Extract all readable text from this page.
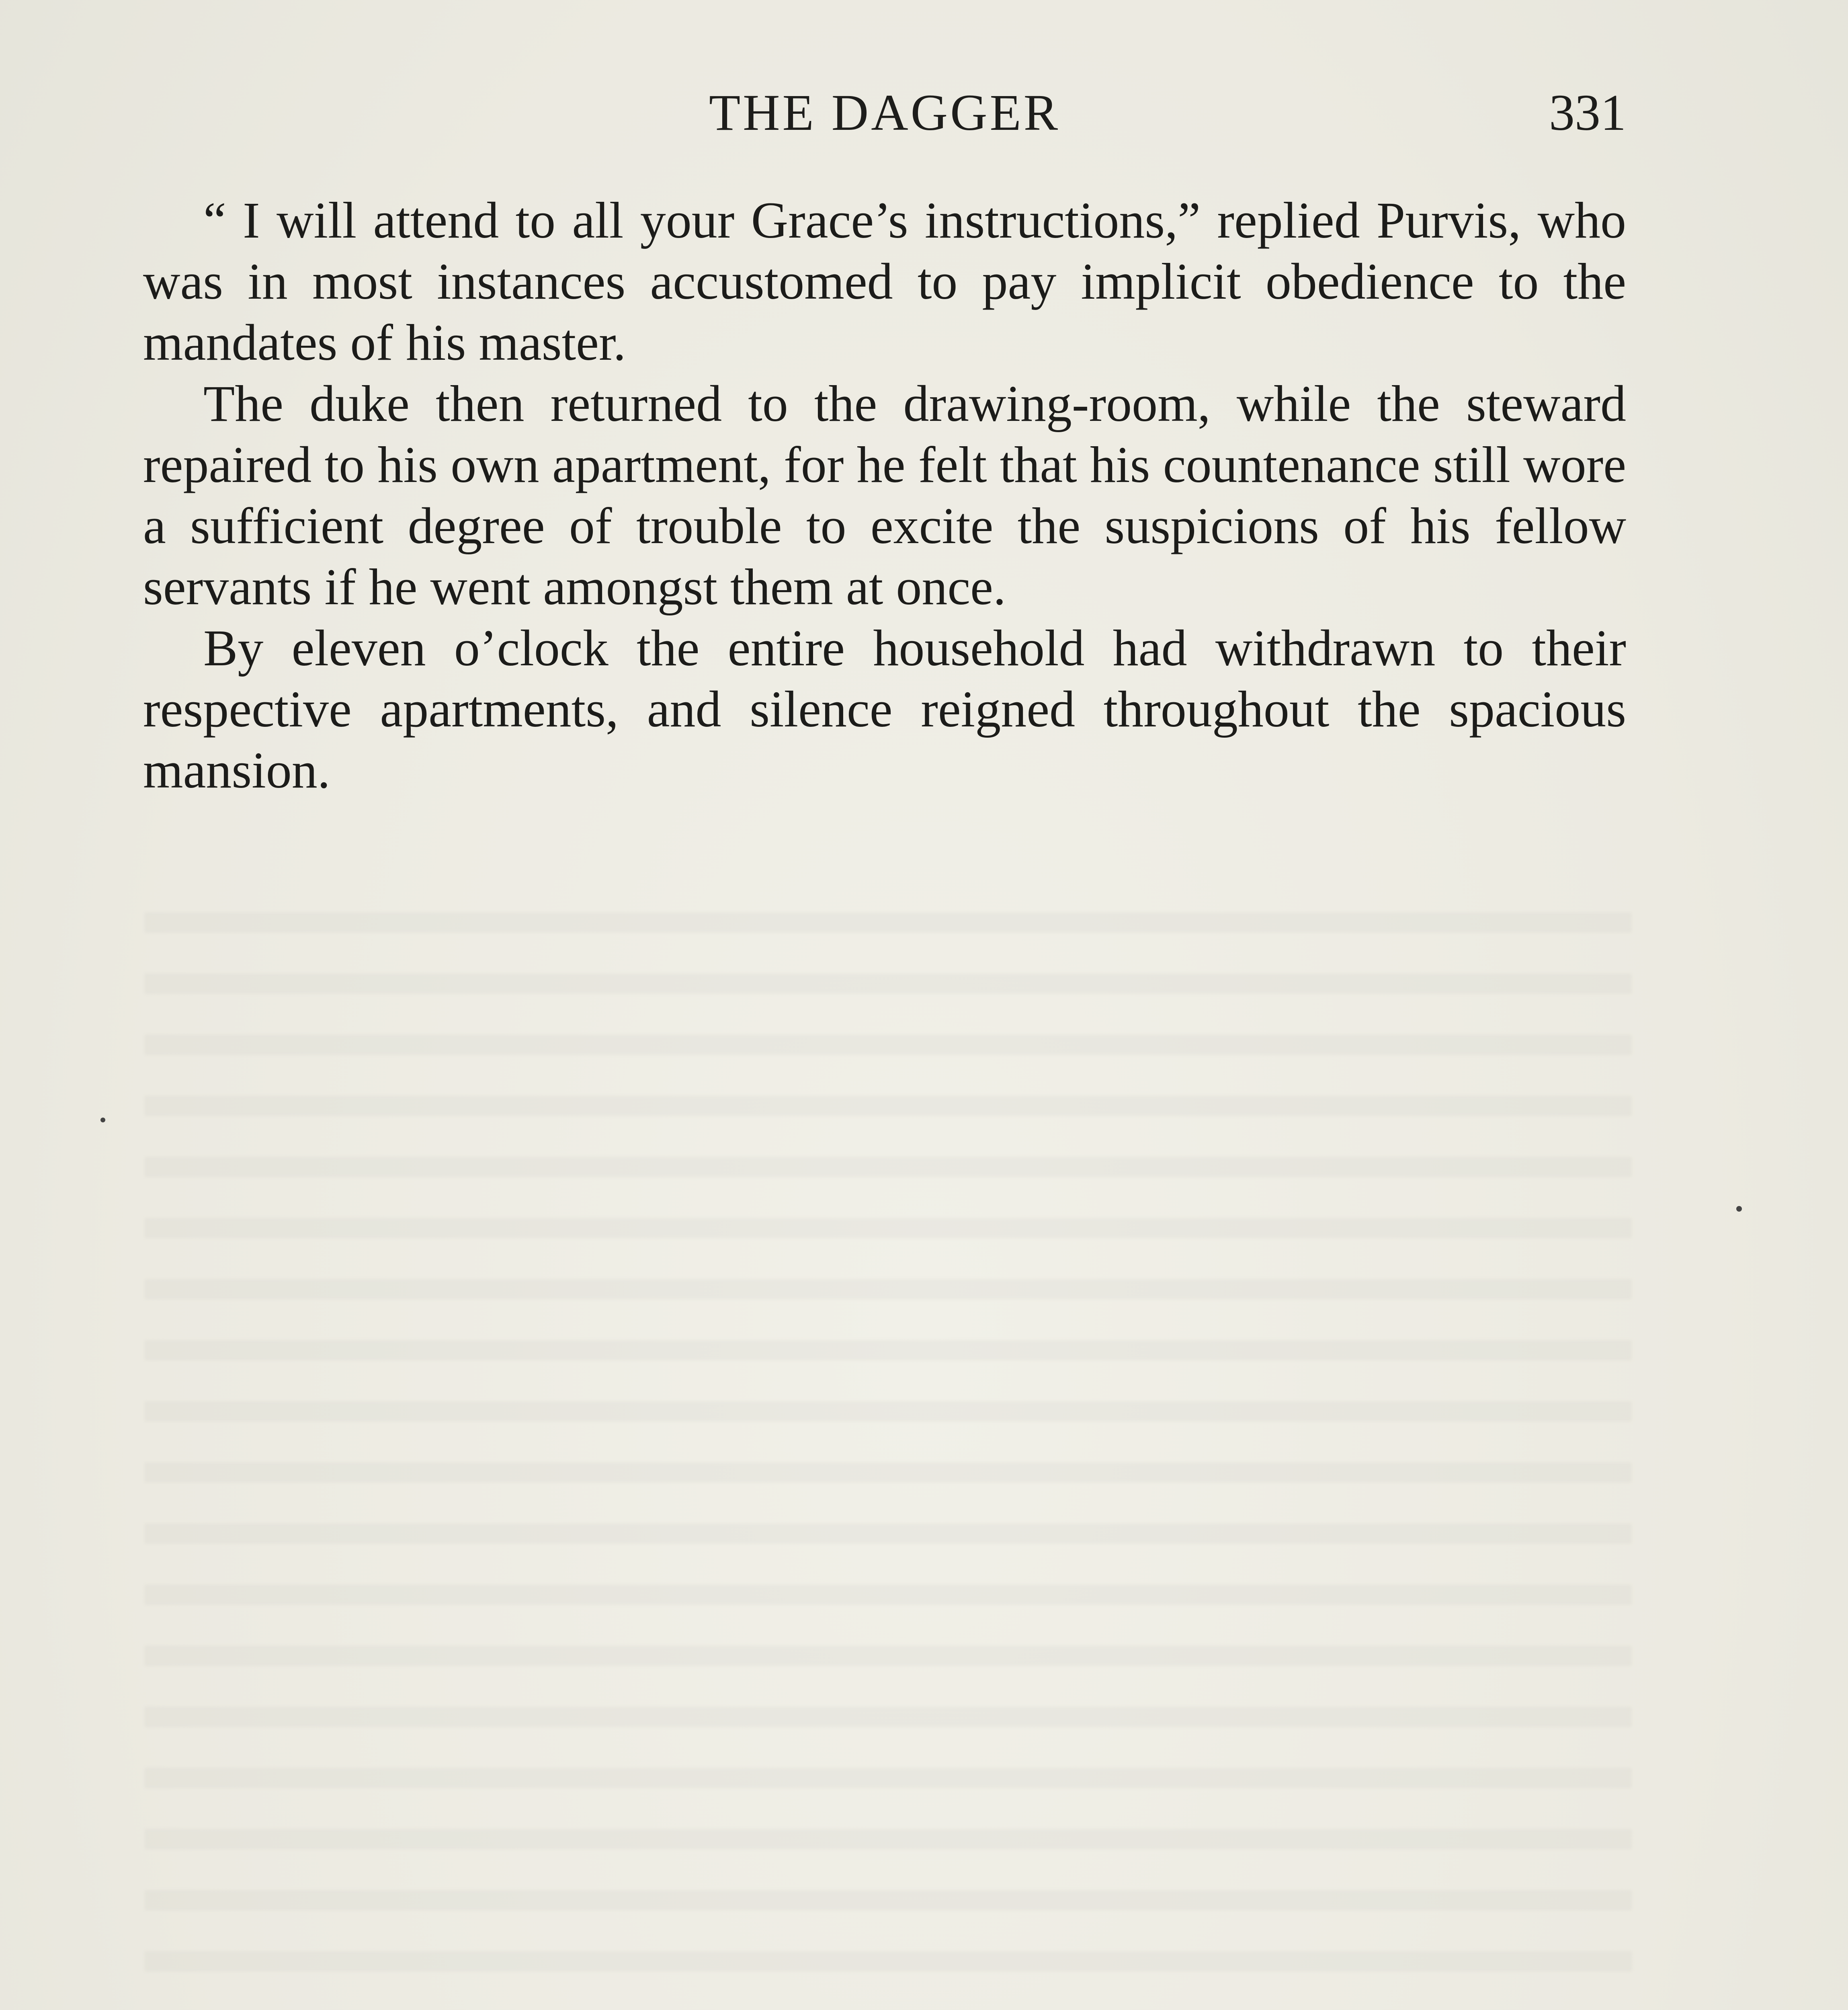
THE DAGGER	331

“ I will attend to all your Grace’s instructions,” replied Purvis, who was in most instances accustomed to pay implicit obedience to the mandates of his master.

The duke then returned to the drawing-room, while the steward repaired to his own apartment, for he felt that his countenance still wore a sufficient degree of trouble to excite the suspicions of his fellow servants if he went amongst them at once.

By eleven o’clock the entire household had withdrawn to their respective apartments, and silence reigned throughout the spacious mansion.
